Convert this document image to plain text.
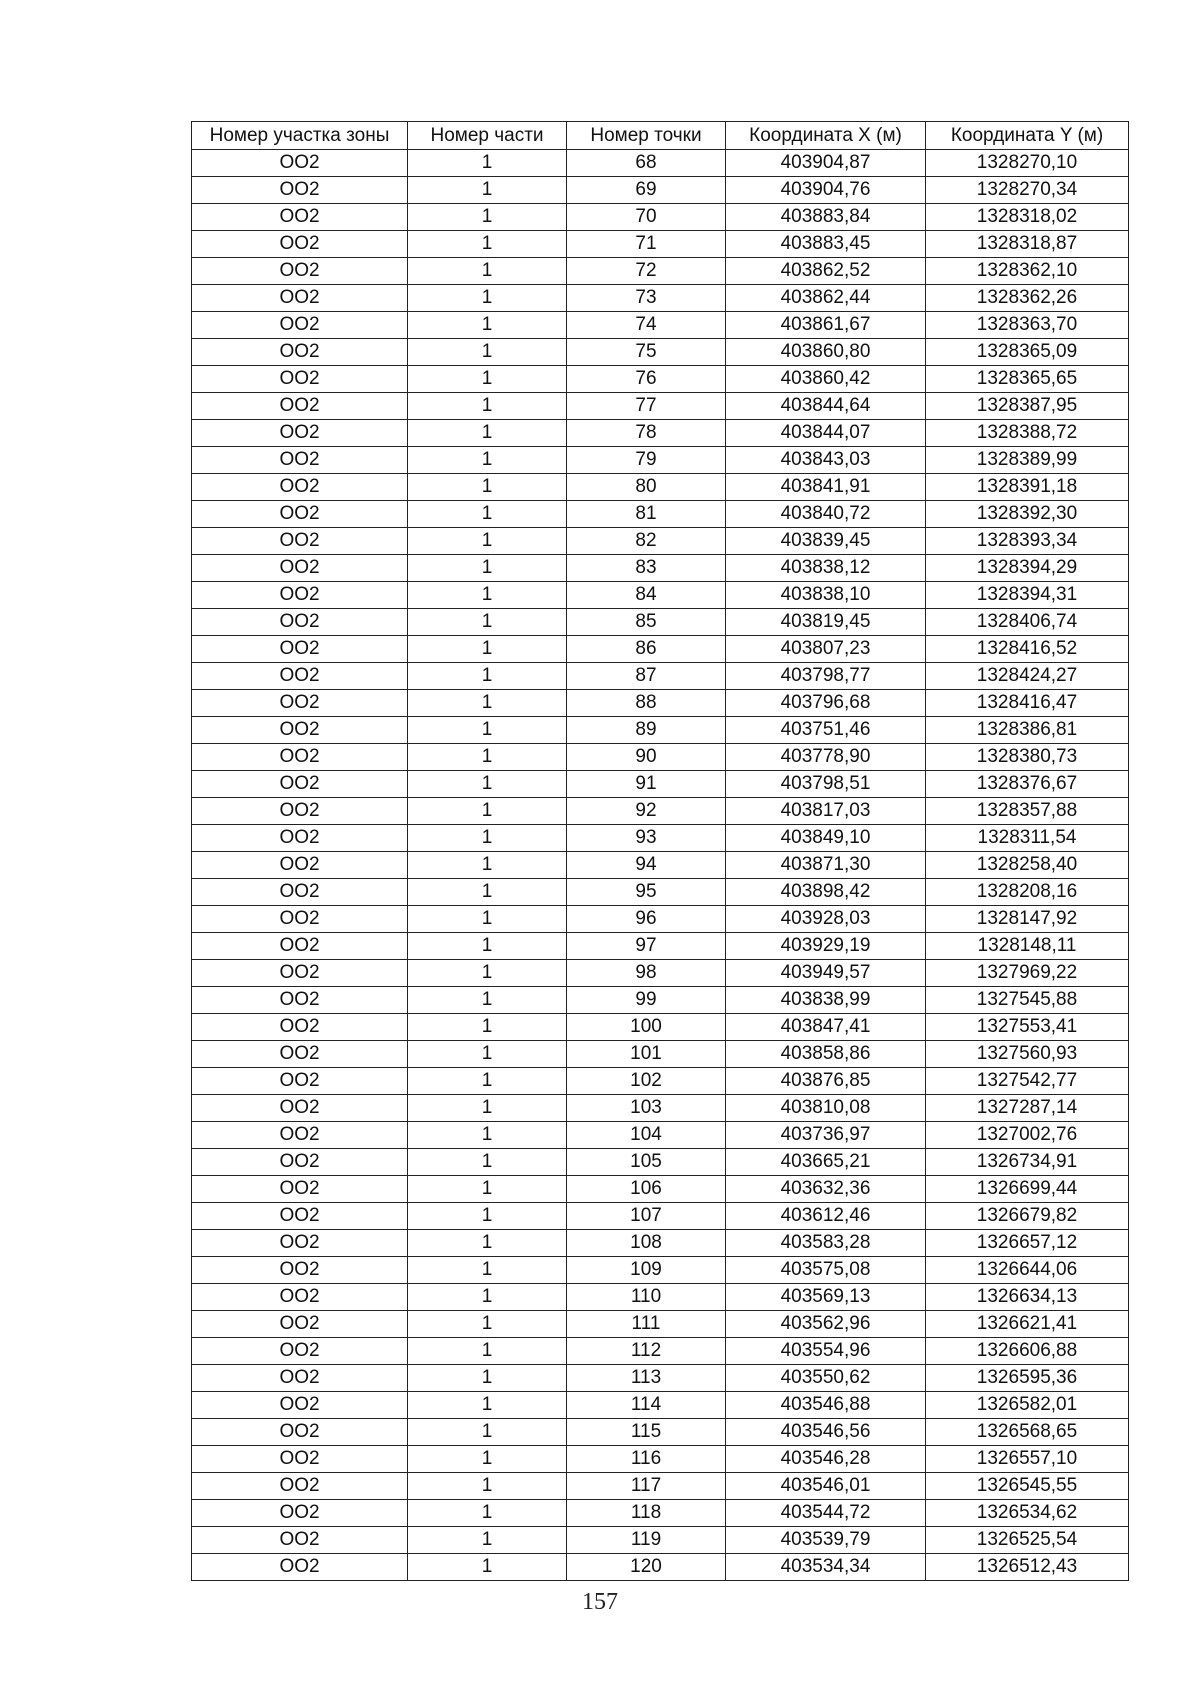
Номер участка зоны	Номер части	Номер точки	Координата X (м)	Координата Y (м)
ОО2	1	68	403904,87	1328270,10
ОО2	1	69	403904,76	1328270,34
ОО2	1	70	403883,84	1328318,02
ОО2	1	71	403883,45	1328318,87
ОО2	1	72	403862,52	1328362,10
ОО2	1	73	403862,44	1328362,26
ОО2	1	74	403861,67	1328363,70
ОО2	1	75	403860,80	1328365,09
ОО2	1	76	403860,42	1328365,65
ОО2	1	77	403844,64	1328387,95
ОО2	1	78	403844,07	1328388,72
ОО2	1	79	403843,03	1328389,99
ОО2	1	80	403841,91	1328391,18
ОО2	1	81	403840,72	1328392,30
ОО2	1	82	403839,45	1328393,34
ОО2	1	83	403838,12	1328394,29
ОО2	1	84	403838,10	1328394,31
ОО2	1	85	403819,45	1328406,74
ОО2	1	86	403807,23	1328416,52
ОО2	1	87	403798,77	1328424,27
ОО2	1	88	403796,68	1328416,47
ОО2	1	89	403751,46	1328386,81
ОО2	1	90	403778,90	1328380,73
ОО2	1	91	403798,51	1328376,67
ОО2	1	92	403817,03	1328357,88
ОО2	1	93	403849,10	1328311,54
ОО2	1	94	403871,30	1328258,40
ОО2	1	95	403898,42	1328208,16
ОО2	1	96	403928,03	1328147,92
ОО2	1	97	403929,19	1328148,11
ОО2	1	98	403949,57	1327969,22
ОО2	1	99	403838,99	1327545,88
ОО2	1	100	403847,41	1327553,41
ОО2	1	101	403858,86	1327560,93
ОО2	1	102	403876,85	1327542,77
ОО2	1	103	403810,08	1327287,14
ОО2	1	104	403736,97	1327002,76
ОО2	1	105	403665,21	1326734,91
ОО2	1	106	403632,36	1326699,44
ОО2	1	107	403612,46	1326679,82
ОО2	1	108	403583,28	1326657,12
ОО2	1	109	403575,08	1326644,06
ОО2	1	110	403569,13	1326634,13
ОО2	1	111	403562,96	1326621,41
ОО2	1	112	403554,96	1326606,88
ОО2	1	113	403550,62	1326595,36
ОО2	1	114	403546,88	1326582,01
ОО2	1	115	403546,56	1326568,65
ОО2	1	116	403546,28	1326557,10
ОО2	1	117	403546,01	1326545,55
ОО2	1	118	403544,72	1326534,62
ОО2	1	119	403539,79	1326525,54
ОО2	1	120	403534,34	1326512,43
157
